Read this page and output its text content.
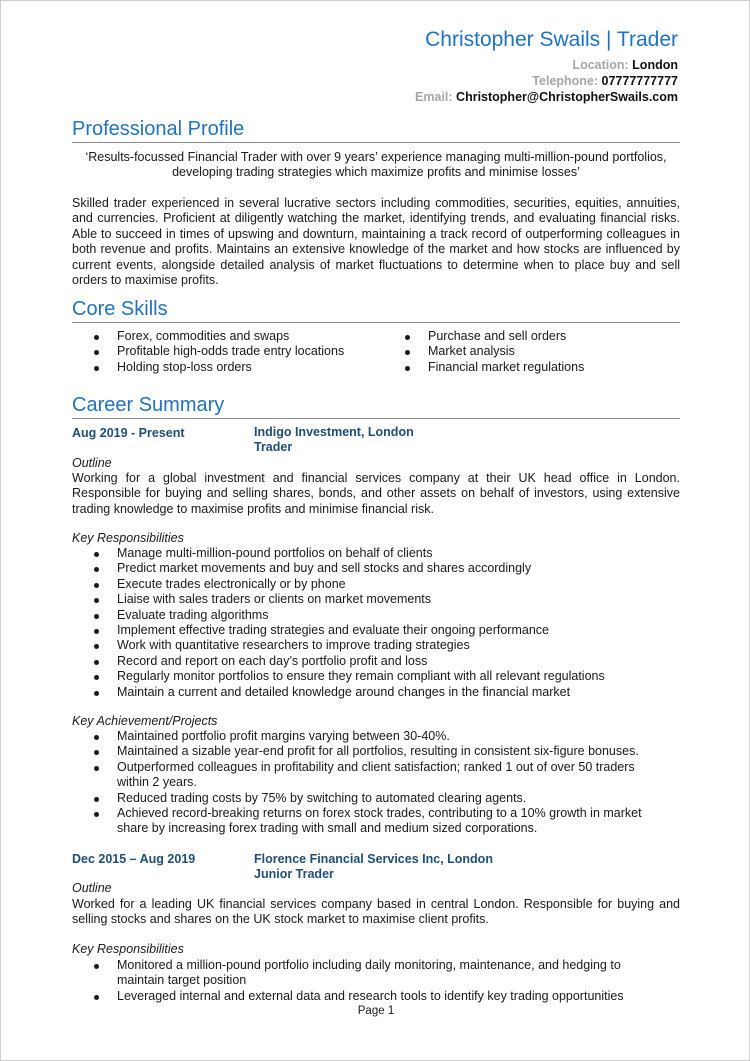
Christopher Swails | Trader
Location: London
Telephone: 07777777777
Email: Christopher@ChristopherSwails.com
Professional Profile
‘Results-focussed Financial Trader with over 9 years’ experience managing multi-million-pound portfolios, developing trading strategies which maximize profits and minimise losses’
Skilled trader experienced in several lucrative sectors including commodities, securities, equities, annuities, and currencies. Proficient at diligently watching the market, identifying trends, and evaluating financial risks. Able to succeed in times of upswing and downturn, maintaining a track record of outperforming colleagues in both revenue and profits. Maintains an extensive knowledge of the market and how stocks are influenced by current events, alongside detailed analysis of market fluctuations to determine when to place buy and sell orders to maximise profits.
Core Skills
Forex, commodities and swaps
Profitable high-odds trade entry locations
Holding stop-loss orders
Purchase and sell orders
Market analysis
Financial market regulations
Career Summary
Aug 2019 - Present	Indigo Investment, London
Trader
Outline
Working for a global investment and financial services company at their UK head office in London. Responsible for buying and selling shares, bonds, and other assets on behalf of investors, using extensive trading knowledge to maximise profits and minimise financial risk.
Key Responsibilities
Manage multi-million-pound portfolios on behalf of clients
Predict market movements and buy and sell stocks and shares accordingly
Execute trades electronically or by phone
Liaise with sales traders or clients on market movements
Evaluate trading algorithms
Implement effective trading strategies and evaluate their ongoing performance
Work with quantitative researchers to improve trading strategies
Record and report on each day’s portfolio profit and loss
Regularly monitor portfolios to ensure they remain compliant with all relevant regulations
Maintain a current and detailed knowledge around changes in the financial market
Key Achievement/Projects
Maintained portfolio profit margins varying between 30-40%.
Maintained a sizable year-end profit for all portfolios, resulting in consistent six-figure bonuses.
Outperformed colleagues in profitability and client satisfaction; ranked 1 out of over 50 traders within 2 years.
Reduced trading costs by 75% by switching to automated clearing agents.
Achieved record-breaking returns on forex stock trades, contributing to a 10% growth in market share by increasing forex trading with small and medium sized corporations.
Dec 2015 – Aug 2019	Florence Financial Services Inc, London
Junior Trader
Outline
Worked for a leading UK financial services company based in central London. Responsible for buying and selling stocks and shares on the UK stock market to maximise client profits.
Key Responsibilities
Monitored a million-pound portfolio including daily monitoring, maintenance, and hedging to maintain target position
Leveraged internal and external data and research tools to identify key trading opportunities
Page 1
